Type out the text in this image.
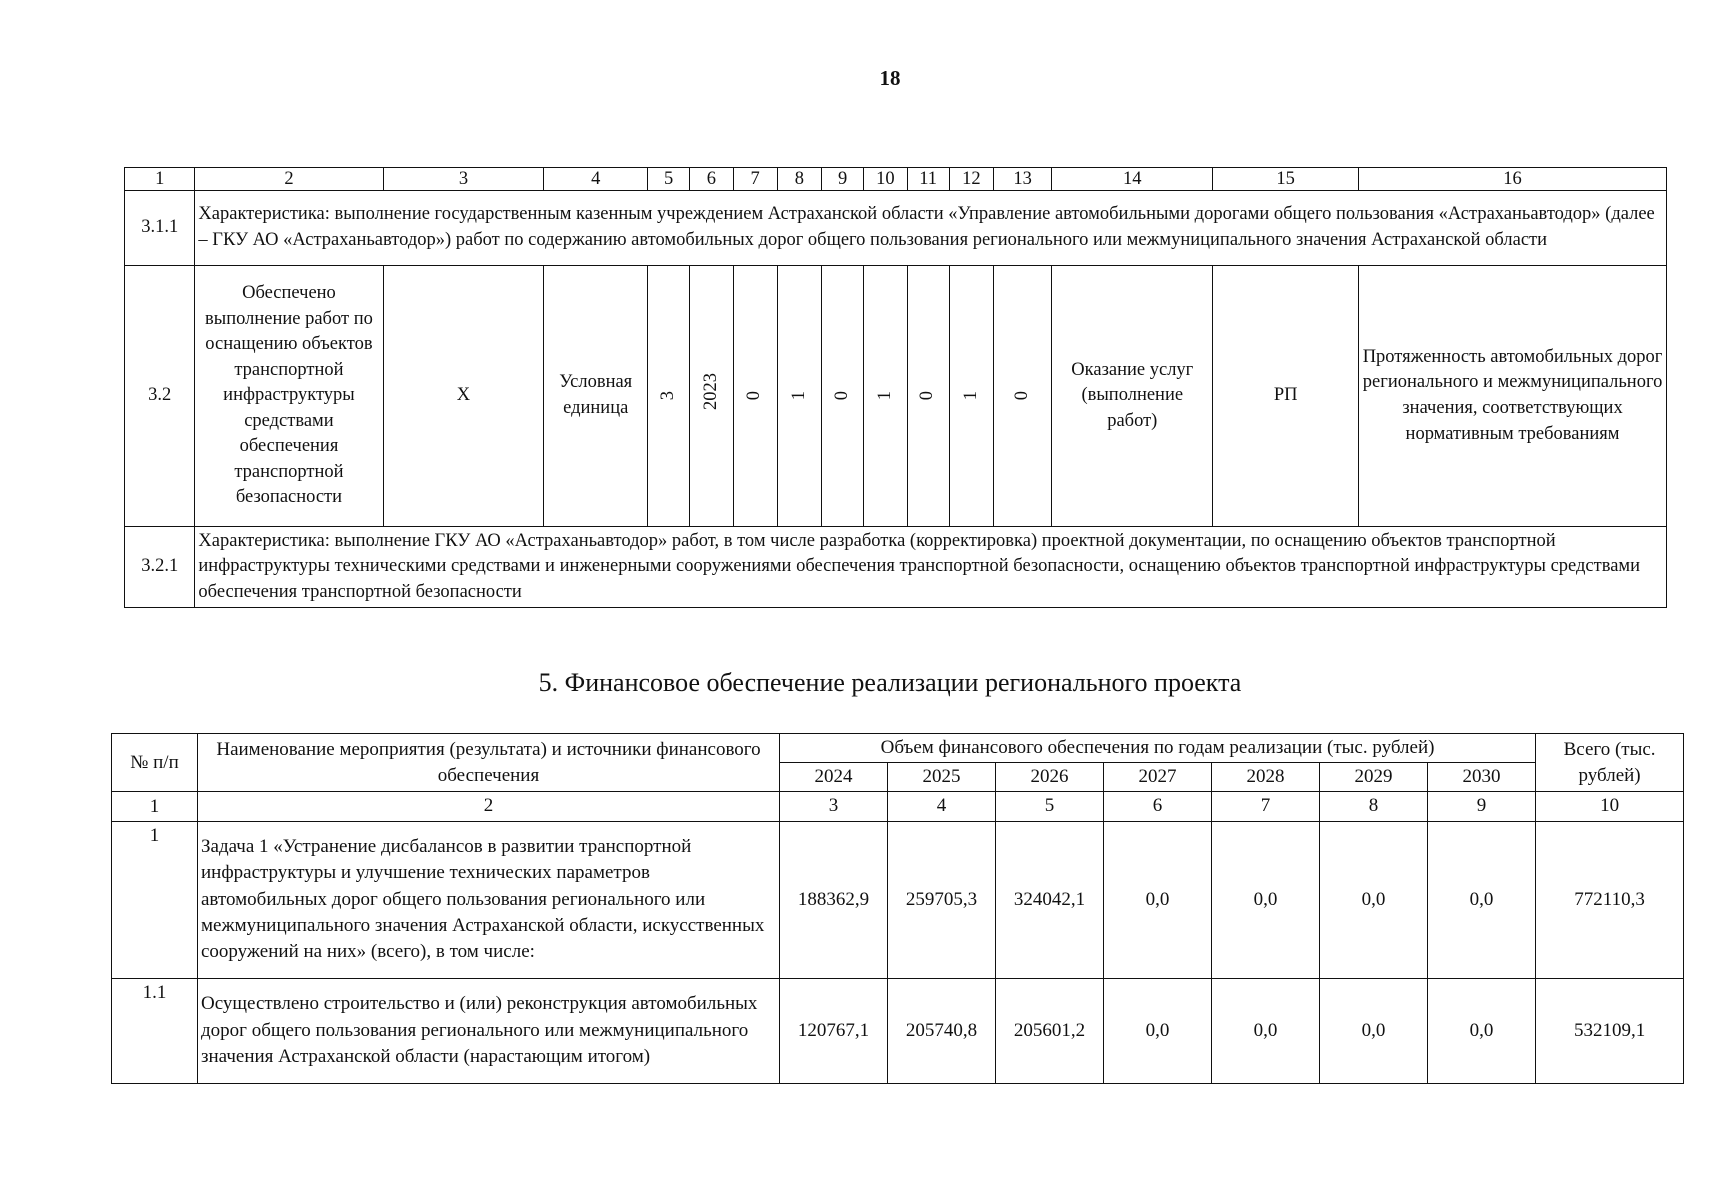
18
1	2	3	4	5	6	7	8	9	10	11	12	13	14	15	16
3.1.1	Характеристика: выполнение государственным казенным учреждением Астраханской области «Управление автомобильными дорогами общего пользования «Астраханьавтодор» (далее – ГКУ АО «Астраханьавтодор») работ по содержанию автомобильных дорог общего пользования регионального или межмуниципального значения Астраханской области														
3.2	Обеспечено выполнение работ по оснащению объектов транспортной инфраструктуры средствами обеспечения транспортной безопасности	X	Условная единица	3	2023	0	1	0	1	0	1	0	Оказание услуг (выполнение работ)	РП	Протяженность автомобильных дорог регионального и межмуниципального значения, соответствующих нормативным требованиям
3.2.1	Характеристика: выполнение ГКУ АО «Астраханьавтодор» работ, в том числе разработка (корректировка) проектной документации, по оснащению объектов транспортной инфраструктуры техническими средствами и инженерными сооружениями обеспечения транспортной безопасности, оснащению объектов транспортной инфраструктуры средствами обеспечения транспортной безопасности														
5. Финансовое обеспечение реализации регионального проекта
№ п/п	Наименование мероприятия (результата) и источники финансового обеспечения	Объем финансового обеспечения по годам реализации (тыс. рублей)							Всего (тыс. рублей)
		2024	2025	2026	2027	2028	2029	2030	
1	2	3	4	5	6	7	8	9	10
1	Задача 1 «Устранение дисбалансов в развитии транспортной инфраструктуры и улучшение технических параметров автомобильных дорог общего пользования регионального или межмуниципального значения Астраханской области, искусственных сооружений на них» (всего), в том числе:	188362,9	259705,3	324042,1	0,0	0,0	0,0	0,0	772110,3
1.1	Осуществлено строительство и (или) реконструкция автомобильных дорог общего пользования регионального или межмуниципального значения Астраханской области (нарастающим итогом)	120767,1	205740,8	205601,2	0,0	0,0	0,0	0,0	532109,1
